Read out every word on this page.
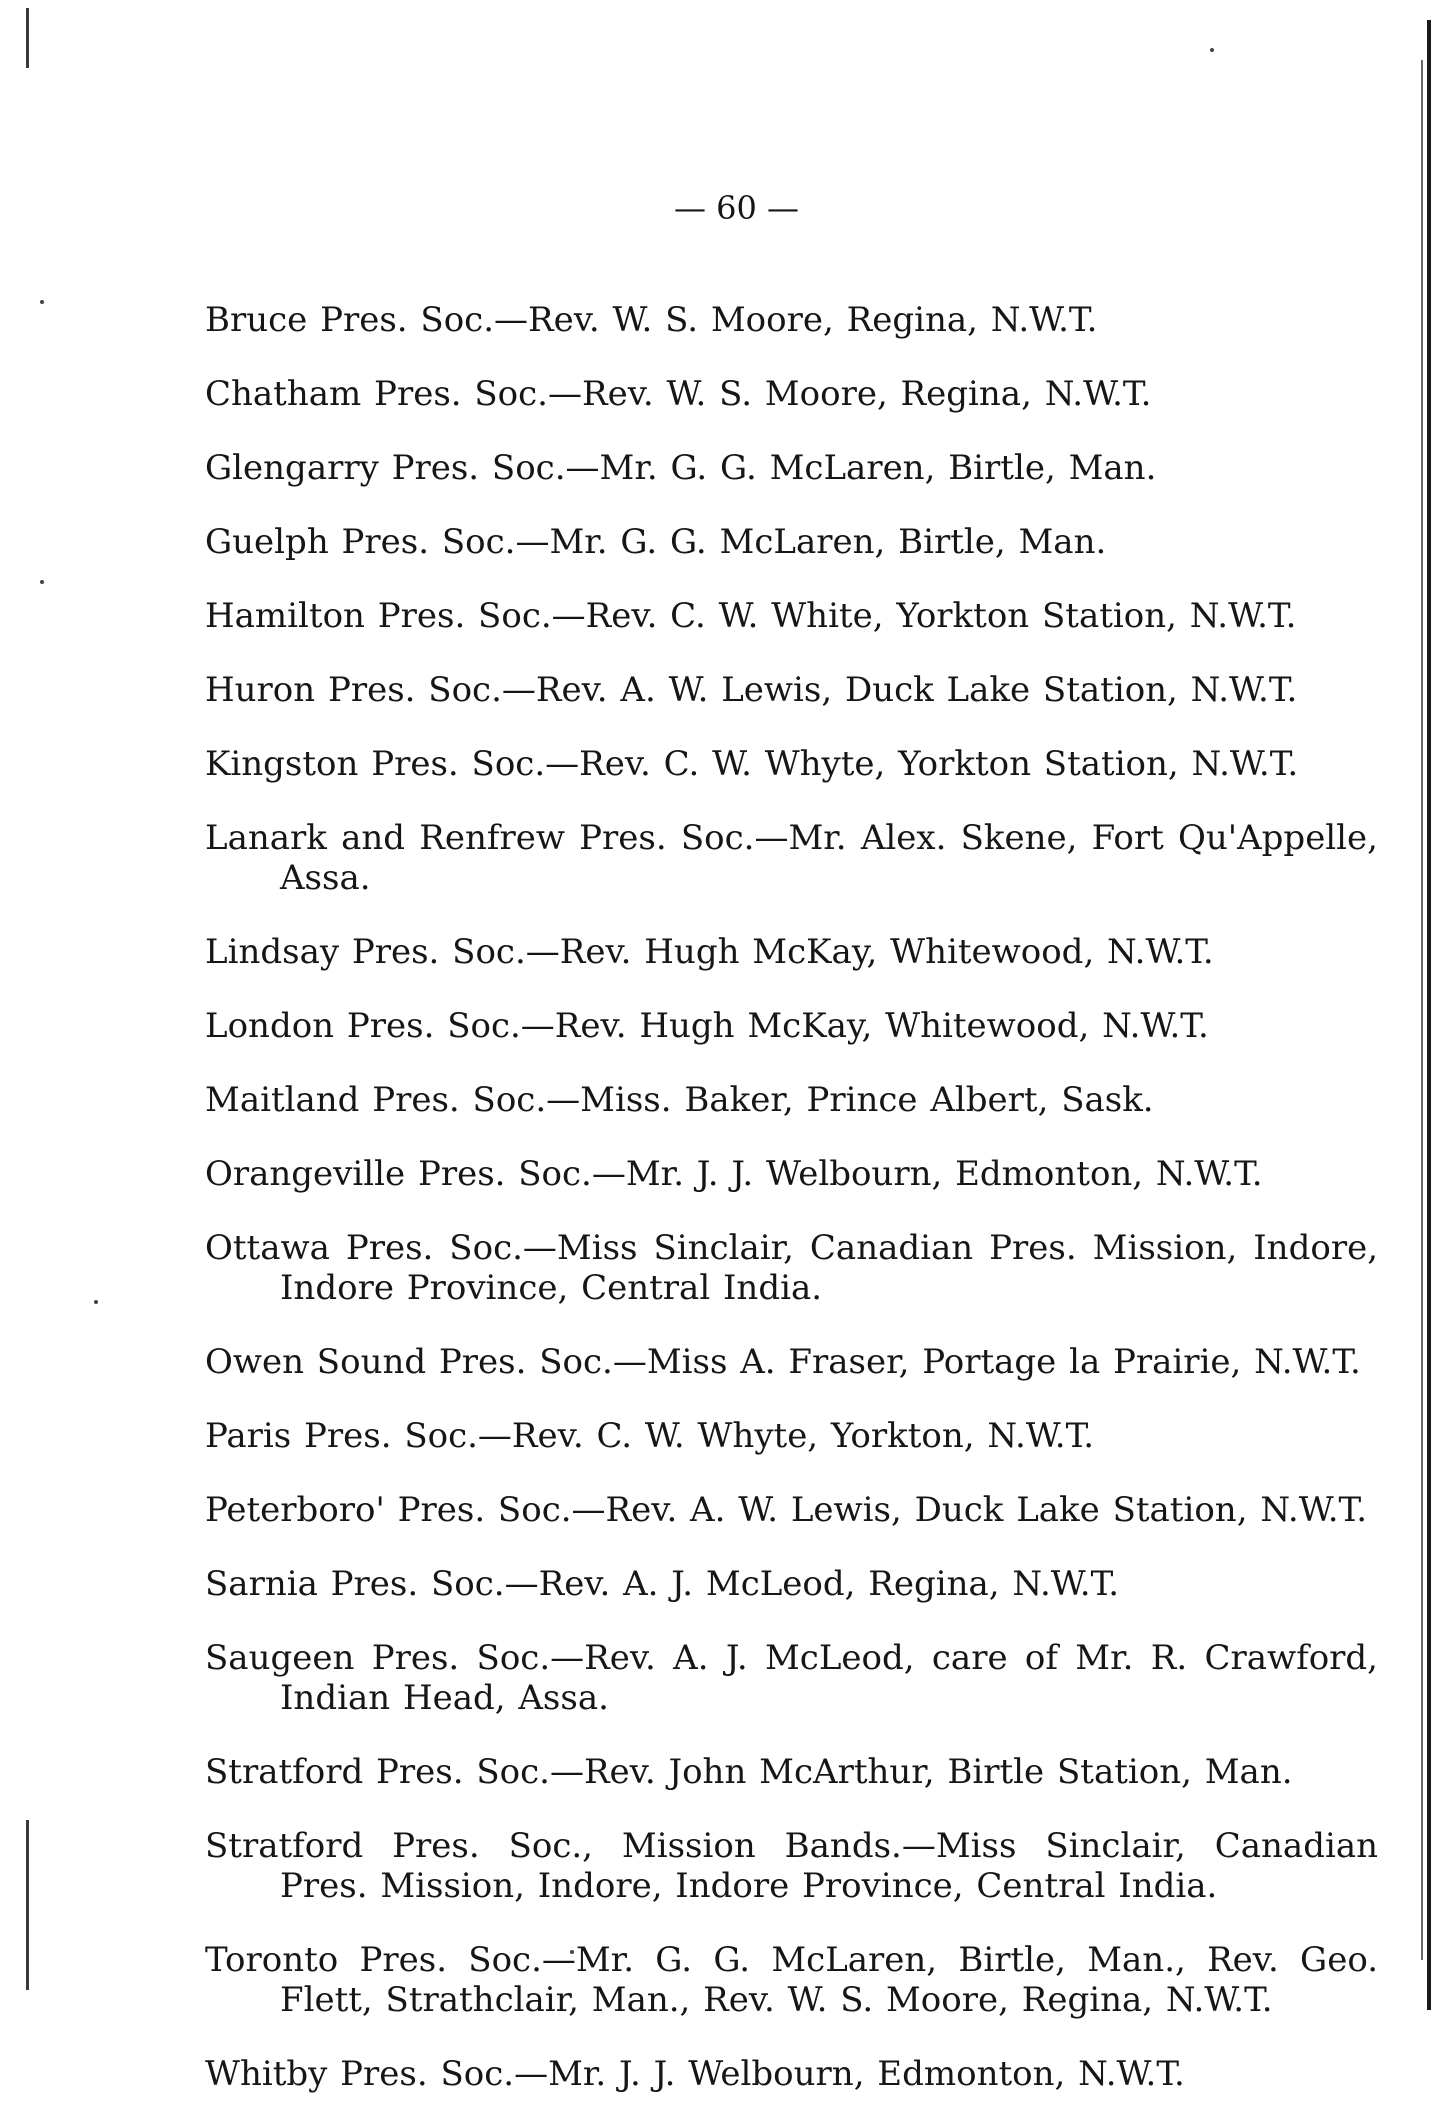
— 60 —

Bruce Pres. Soc.—Rev. W. S. Moore, Regina, N.W.T.

Chatham Pres. Soc.—Rev. W. S. Moore, Regina, N.W.T.

Glengarry Pres. Soc.—Mr. G. G. McLaren, Birtle, Man.

Guelph Pres. Soc.—Mr. G. G. McLaren, Birtle, Man.

Hamilton Pres. Soc.—Rev. C. W. White, Yorkton Station, N.W.T.

Huron Pres. Soc.—Rev. A. W. Lewis, Duck Lake Station, N.W.T.

Kingston Pres. Soc.—Rev. C. W. Whyte, Yorkton Station, N.W.T.

Lanark and Renfrew Pres. Soc.—Mr. Alex. Skene, Fort Qu'Appelle, Assa.

Lindsay Pres. Soc.—Rev. Hugh McKay, Whitewood, N.W.T.

London Pres. Soc.—Rev. Hugh McKay, Whitewood, N.W.T.

Maitland Pres. Soc.—Miss. Baker, Prince Albert, Sask.

Orangeville Pres. Soc.—Mr. J. J. Welbourn, Edmonton, N.W.T.

Ottawa Pres. Soc.—Miss Sinclair, Canadian Pres. Mission, Indore, Indore Province, Central India.

Owen Sound Pres. Soc.—Miss A. Fraser, Portage la Prairie, N.W.T.

Paris Pres. Soc.—Rev. C. W. Whyte, Yorkton, N.W.T.

Peterboro' Pres. Soc.—Rev. A. W. Lewis, Duck Lake Station, N.W.T.

Sarnia Pres. Soc.—Rev. A. J. McLeod, Regina, N.W.T.

Saugeen Pres. Soc.—Rev. A. J. McLeod, care of Mr. R. Crawford, Indian Head, Assa.

Stratford Pres. Soc.—Rev. John McArthur, Birtle Station, Man.

Stratford Pres. Soc., Mission Bands.—Miss Sinclair, Canadian Pres. Mission, Indore, Indore Province, Central India.

Toronto Pres. Soc.—Mr. G. G. McLaren, Birtle, Man., Rev. Geo. Flett, Strathclair, Man., Rev. W. S. Moore, Regina, N.W.T.

Whitby Pres. Soc.—Mr. J. J. Welbourn, Edmonton, N.W.T.
